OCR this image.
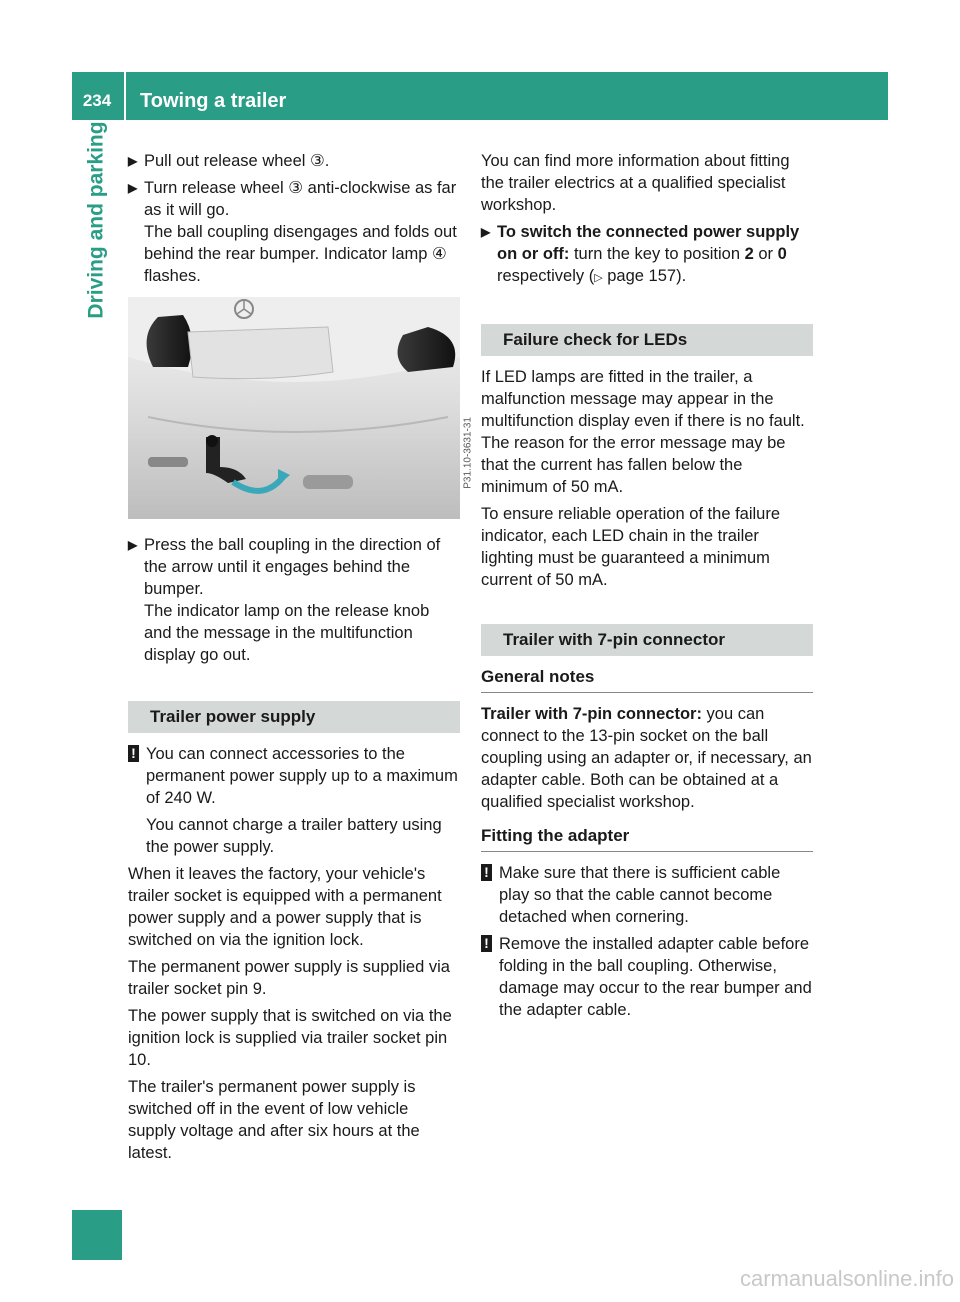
234	Towing a trailer
Driving and parking ▶ Pull out release wheel ③.
▶ Turn release wheel ③ anti-clockwise as far as it will go.
The ball coupling disengages and folds out behind the rear bumper. Indicator lamp ④ flashes.
P31.10-3631-31
▶ Press the ball coupling in the direction of the arrow until it engages behind the bumper.
The indicator lamp on the release knob and the message in the multifunction display go out.
Trailer power supply
! You can connect accessories to the permanent power supply up to a maximum of 240 W.

You cannot charge a trailer battery using the power supply.

When it leaves the factory, your vehicle's trailer socket is equipped with a permanent power supply and a power supply that is switched on via the ignition lock.

The permanent power supply is supplied via trailer socket pin 9.

The power supply that is switched on via the ignition lock is supplied via trailer socket pin 10.

The trailer's permanent power supply is switched off in the event of low vehicle supply voltage and after six hours at the latest.

You can find more information about fitting the trailer electrics at a qualified specialist workshop.

▶ To switch the connected power supply on or off: turn the key to position 2 or 0 respectively (▷ page 157).
Failure check for LEDs

If LED lamps are fitted in the trailer, a malfunction message may appear in the multifunction display even if there is no fault. The reason for the error message may be that the current has fallen below the minimum of 50 mA.

To ensure reliable operation of the failure indicator, each LED chain in the trailer lighting must be guaranteed a minimum current of 50 mA.

Trailer with 7-pin connector
General notes

Trailer with 7-pin connector: you can connect to the 13-pin socket on the ball coupling using an adapter or, if necessary, an adapter cable. Both can be obtained at a qualified specialist workshop.

Fitting the adapter
! Make sure that there is sufficient cable play so that the cable cannot become detached when cornering.

! Remove the installed adapter cable before folding in the ball coupling. Otherwise, damage may occur to the rear bumper and the adapter cable.

carmanualsonline.info
